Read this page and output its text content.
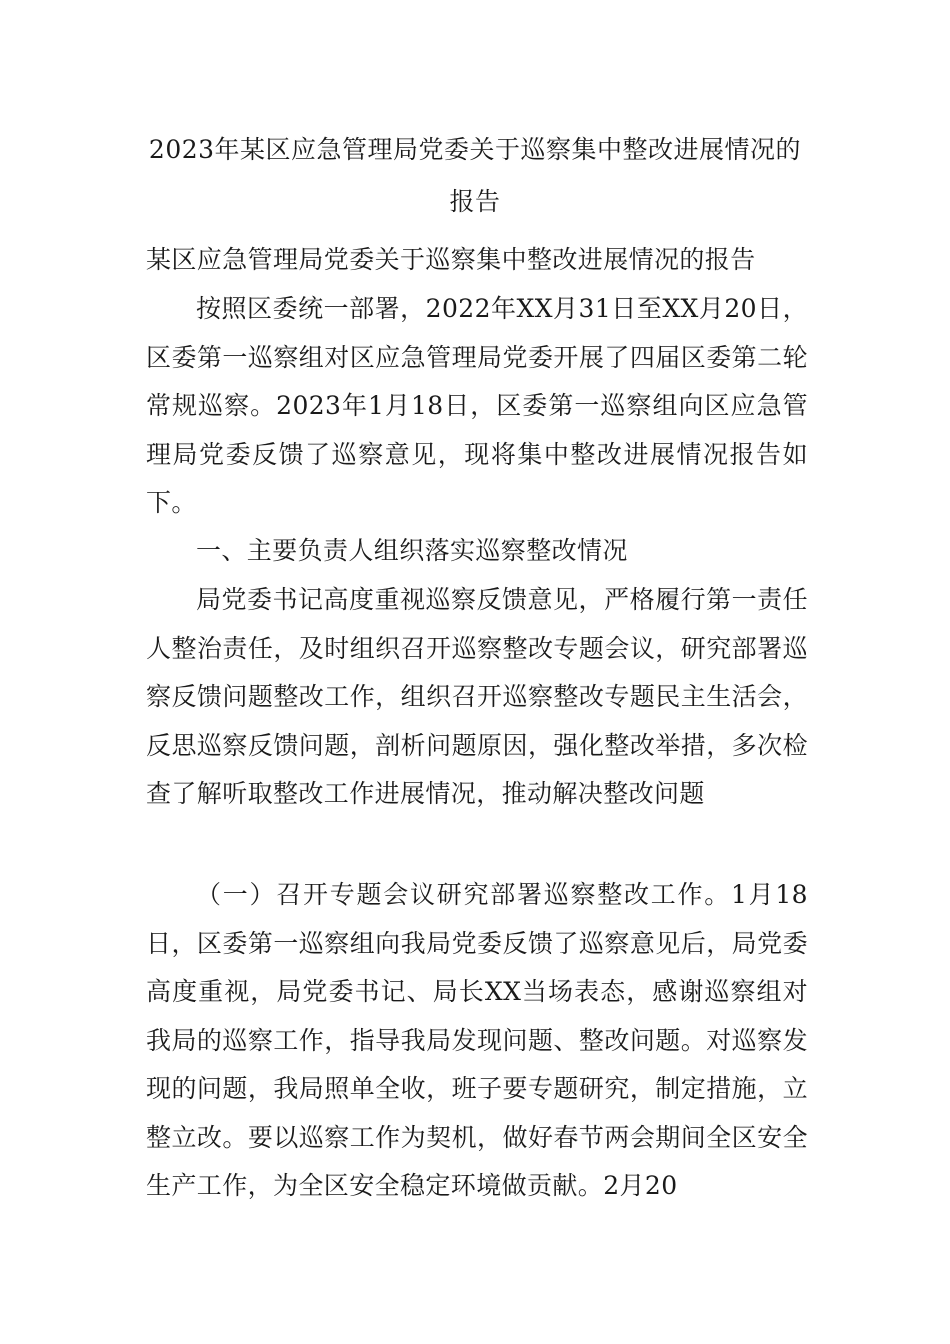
2023年某区应急管理局党委关于巡察集中整改进展情况的报告

某区应急管理局党委关于巡察集中整改进展情况的报告

按照区委统一部署，2022年XX月31日至XX月20日，区委第一巡察组对区应急管理局党委开展了四届区委第二轮常规巡察。2023年1月18日，区委第一巡察组向区应急管理局党委反馈了巡察意见，现将集中整改进展情况报告如下。

一、主要负责人组织落实巡察整改情况

局党委书记高度重视巡察反馈意见，严格履行第一责任人整治责任，及时组织召开巡察整改专题会议，研究部署巡察反馈问题整改工作，组织召开巡察整改专题民主生活会，反思巡察反馈问题，剖析问题原因，强化整改举措，多次检查了解听取整改工作进展情况，推动解决整改问题

（一）召开专题会议研究部署巡察整改工作。1月18日，区委第一巡察组向我局党委反馈了巡察意见后，局党委高度重视，局党委书记、局长XX当场表态，感谢巡察组对我局的巡察工作，指导我局发现问题、整改问题。对巡察发现的问题，我局照单全收，班子要专题研究，制定措施，立整立改。要以巡察工作为契机，做好春节两会期间全区安全生产工作，为全区安全稳定环境做贡献。2月20
